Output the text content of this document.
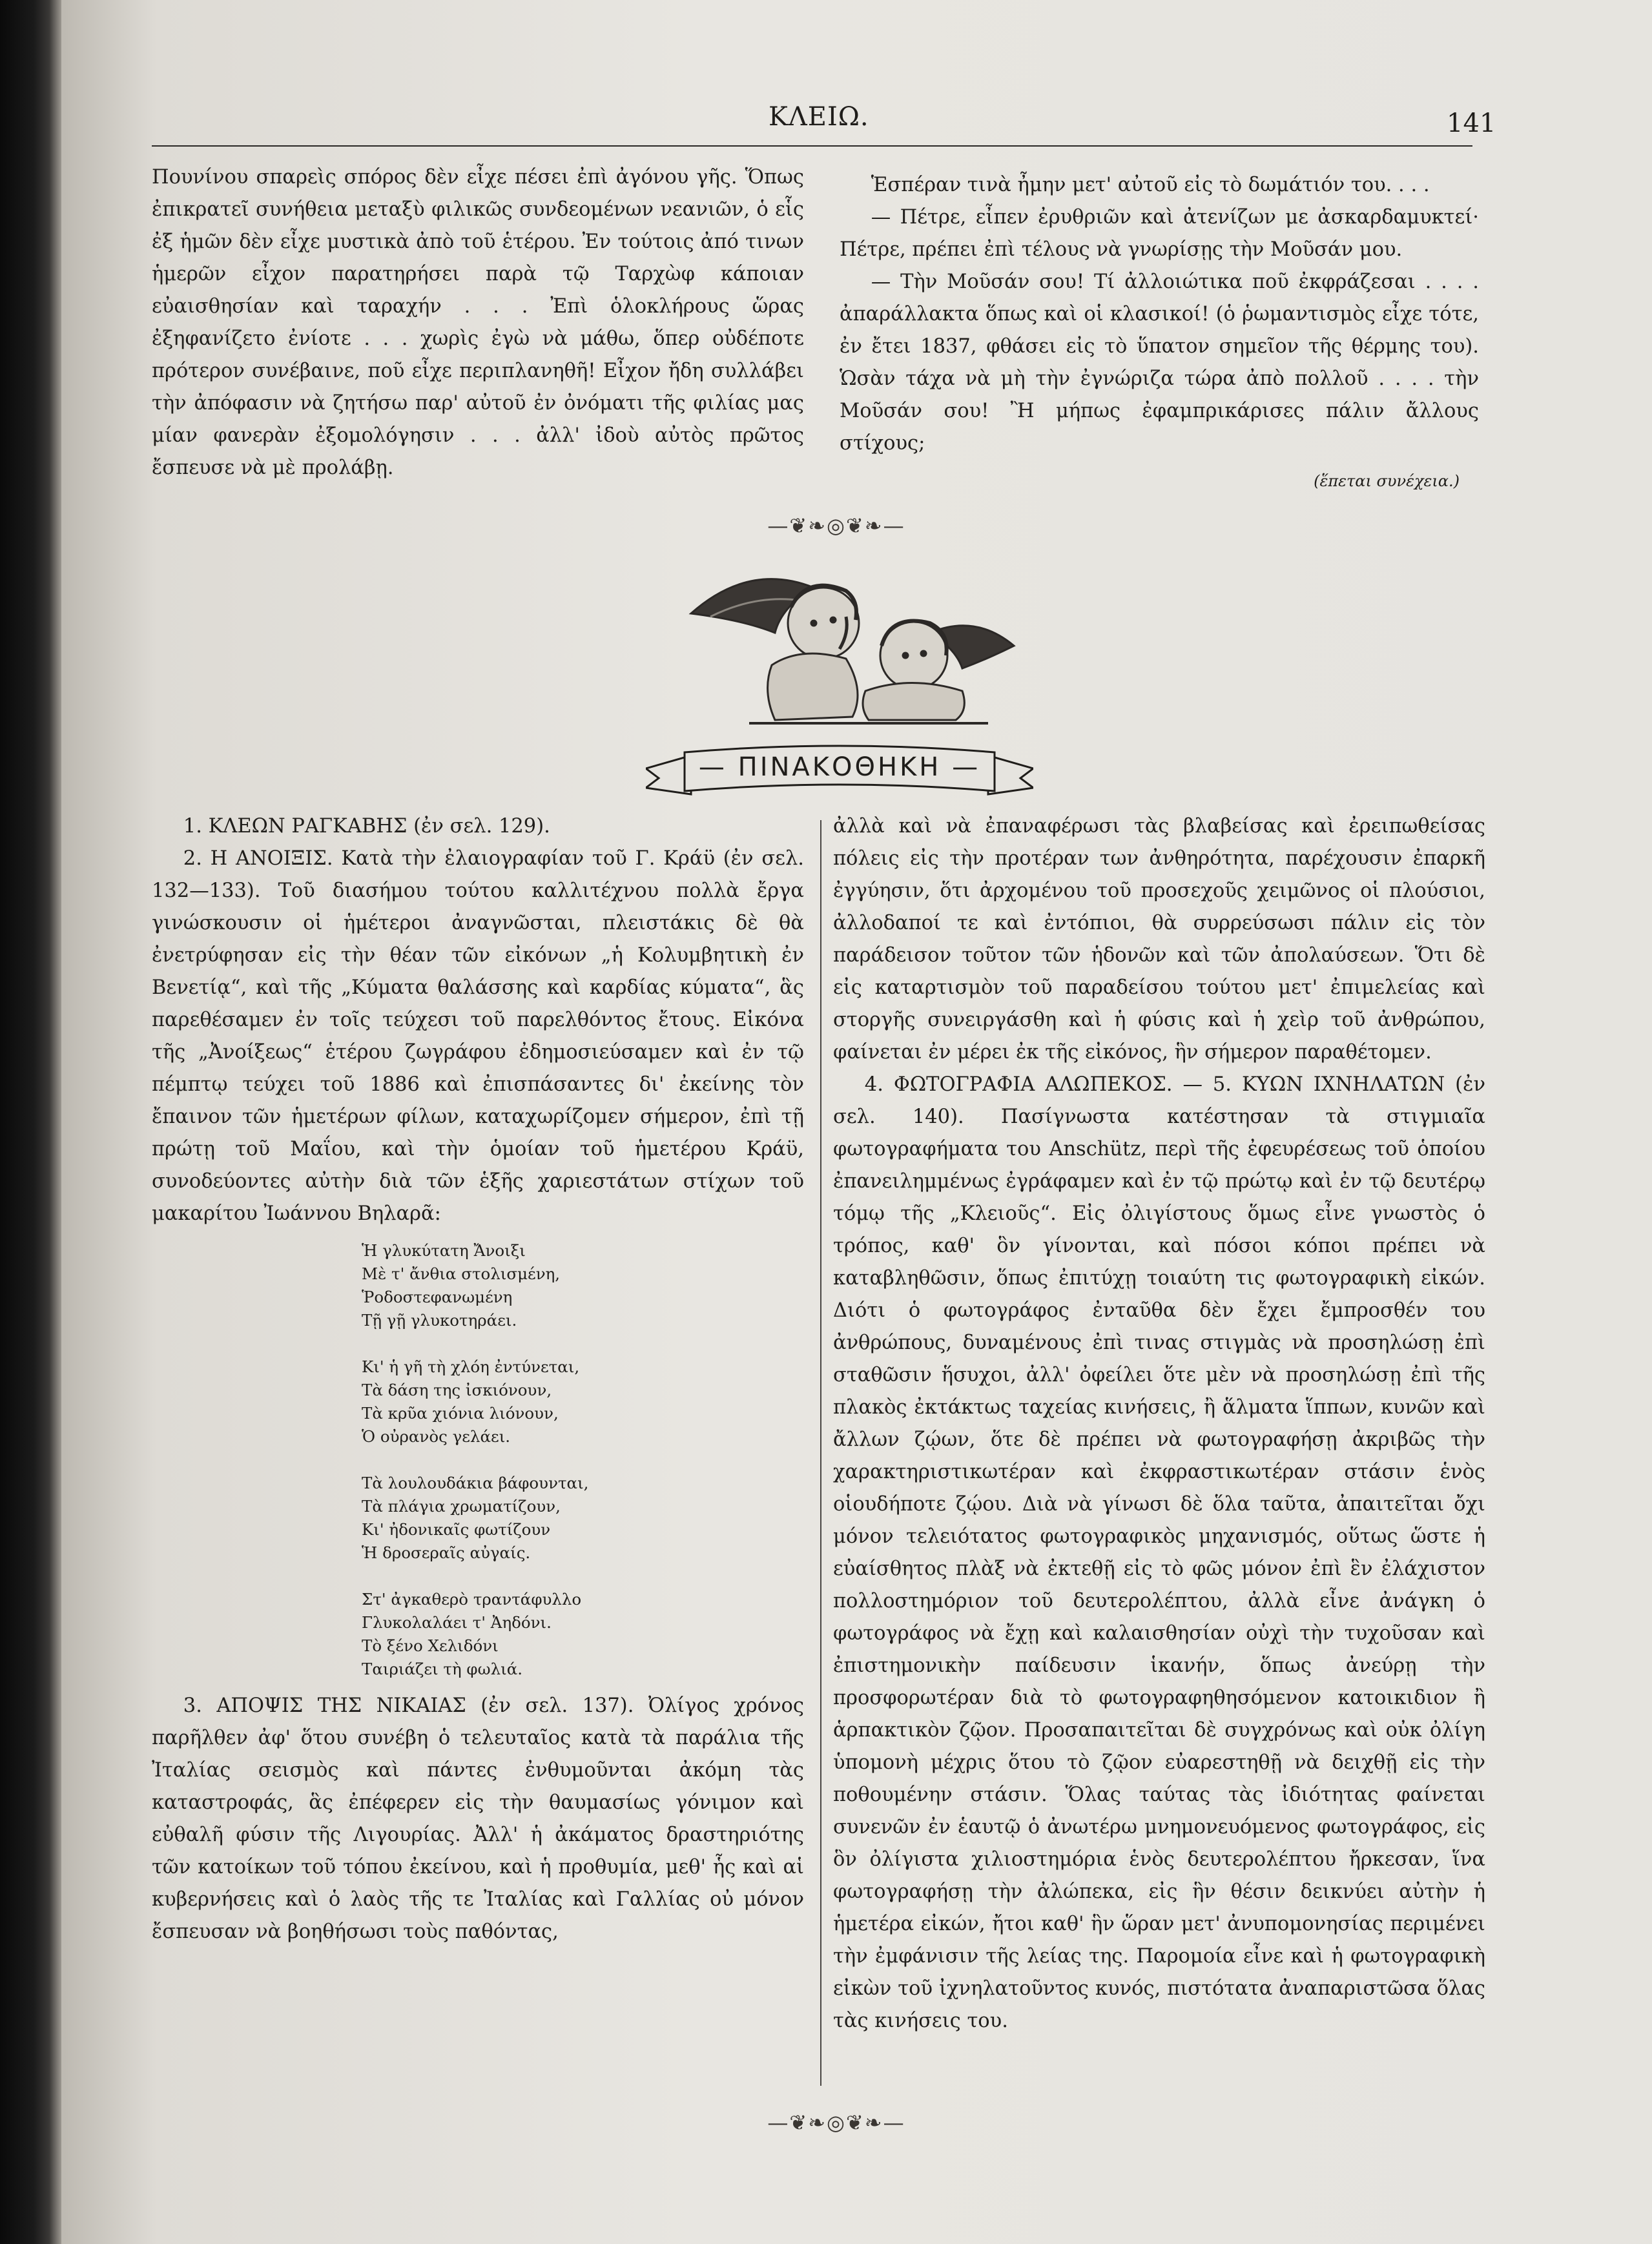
ΚΛΕΙΩ.	141

Πουνίνου σπαρεὶς σπόρος δὲν εἶχε πέσει ἐπὶ ἀγόνου γῆς. Ὅπως ἐπικρατεῖ συνήθεια μεταξὺ φιλικῶς συνδεομένων νεανιῶν, ὁ εἷς ἐξ ἡμῶν δὲν εἶχε μυστικὰ ἀπὸ τοῦ ἑτέρου. Ἐν τούτοις ἀπό τινων ἡμερῶν εἶχον παρατηρήσει παρὰ τῷ Ταρχὼφ κάποιαν εὐαισθησίαν καὶ ταραχήν . . . Ἐπὶ ὁλοκλήρους ὥρας ἐξηφανίζετο ἐνίοτε . . . χωρὶς ἐγὼ νὰ μάθω, ὅπερ οὐδέποτε πρότερον συνέβαινε, ποῦ εἶχε περιπλανηθῆ! Εἶχον ἤδη συλλάβει τὴν ἀπόφασιν νὰ ζητήσω παρ' αὐτοῦ ἐν ὀνόματι τῆς φιλίας μας μίαν φανερὰν ἐξομολόγησιν . . . ἀλλ' ἰδοὺ αὐτὸς πρῶτος ἔσπευσε νὰ μὲ προλάβῃ.

Ἑσπέραν τινὰ ἦμην μετ' αὐτοῦ εἰς τὸ δωμάτιόν του. . . .

— Πέτρε, εἶπεν ἐρυθριῶν καὶ ἀτενίζων με ἀσκαρδαμυκτεί· Πέτρε, πρέπει ἐπὶ τέλους νὰ γνωρίσῃς τὴν Μοῦσάν μου.

— Τὴν Μοῦσάν σου! Τί ἀλλοιώτικα ποῦ ἐκφράζεσαι . . . . ἀπαράλλακτα ὅπως καὶ οἱ κλασικοί! (ὁ ῥωμαντισμὸς εἶχε τότε, ἐν ἔτει 1837, φθάσει εἰς τὸ ὕπατον σημεῖον τῆς θέρμης του). Ὡσὰν τάχα νὰ μὴ τὴν ἐγνώριζα τώρα ἀπὸ πολλοῦ . . . . τὴν Μοῦσάν σου! Ἢ μήπως ἐφαμπρικάρισες πάλιν ἄλλους στίχους;

(ἕπεται συνέχεια.)
—❦❧◎❦❧—
— ΠΙΝΑΚΟΘΗΚΗ —

1. ΚΛΕΩΝ ΡΑΓΚΑΒΗΣ (ἐν σελ. 129).

2. Η ΑΝΟΙΞΙΣ. Κατὰ τὴν ἐλαιογραφίαν τοῦ Γ. Κράϋ (ἐν σελ. 132—133). Τοῦ διασήμου τούτου καλλιτέχνου πολλὰ ἔργα γινώσκουσιν οἱ ἡμέτεροι ἀναγνῶσται, πλειστάκις δὲ θὰ ἐνετρύφησαν εἰς τὴν θέαν τῶν εἰκόνων „ἡ Κολυμβητικὴ ἐν Βενετίᾳ“, καὶ τῆς „Κύματα θαλάσσης καὶ καρδίας κύματα“, ἃς παρεθέσαμεν ἐν τοῖς τεύχεσι τοῦ παρελθόντος ἔτους. Εἰκόνα τῆς „Ἀνοίξεως“ ἑτέρου ζωγράφου ἐδημοσιεύσαμεν καὶ ἐν τῷ πέμπτῳ τεύχει τοῦ 1886 καὶ ἐπισπάσαντες δι' ἐκείνης τὸν ἔπαινον τῶν ἡμετέρων φίλων, καταχωρίζομεν σήμερον, ἐπὶ τῇ πρώτῃ τοῦ Μαΐου, καὶ τὴν ὁμοίαν τοῦ ἡμετέρου Κράϋ, συνοδεύοντες αὐτὴν διὰ τῶν ἑξῆς χαριεστάτων στίχων τοῦ μακαρίτου Ἰωάννου Βηλαρᾶ:

Ἡ γλυκύτατη Ἄνοιξι
Μὲ τ' ἄνθια στολισμένη,
Ῥοδοστεφανωμένη
Τῇ γῇ γλυκοτηράει.
Κι' ἡ γῆ τὴ χλόη ἐντύνεται,
Τὰ δάση της ἰσκιόνουν,
Τὰ κρῦα χιόνια λιόνουν,
Ὁ οὐρανὸς γελάει.
Τὰ λουλουδάκια βάφουνται,
Τὰ πλάγια χρωματίζουν,
Κι' ἠδονικαῖς φωτίζουν
Ἡ δροσεραῖς αὐγαίς.
Στ' ἀγκαθερὸ τραντάφυλλο
Γλυκολαλάει τ' Ἀηδόνι.
Τὸ ξένο Χελιδόνι
Ταιριάζει τὴ φωλιά.

3. ΑΠΟΨΙΣ ΤΗΣ ΝΙΚΑΙΑΣ (ἐν σελ. 137). Ὀλίγος χρόνος παρῆλθεν ἀφ' ὅτου συνέβη ὁ τελευταῖος κατὰ τὰ παράλια τῆς Ἰταλίας σεισμὸς καὶ πάντες ἐνθυμοῦνται ἀκόμη τὰς καταστροφάς, ἃς ἐπέφερεν εἰς τὴν θαυμασίως γόνιμον καὶ εὐθαλῆ φύσιν τῆς Λιγουρίας. Ἀλλ' ἡ ἀκάματος δραστηριότης τῶν κατοίκων τοῦ τόπου ἐκείνου, καὶ ἡ προθυμία, μεθ' ἧς καὶ αἱ κυβερνήσεις καὶ ὁ λαὸς τῆς τε Ἰταλίας καὶ Γαλλίας οὐ μόνον ἔσπευσαν νὰ βοηθήσωσι τοὺς παθόντας,

ἀλλὰ καὶ νὰ ἐπαναφέρωσι τὰς βλαβείσας καὶ ἐρειπωθείσας πόλεις εἰς τὴν προτέραν των ἀνθηρότητα, παρέχουσιν ἐπαρκῆ ἐγγύησιν, ὅτι ἀρχομένου τοῦ προσεχοῦς χειμῶνος οἱ πλούσιοι, ἀλλοδαποί τε καὶ ἐντόπιοι, θὰ συρρεύσωσι πάλιν εἰς τὸν παράδεισον τοῦτον τῶν ἡδονῶν καὶ τῶν ἀπολαύσεων. Ὅτι δὲ εἰς καταρτισμὸν τοῦ παραδείσου τούτου μετ' ἐπιμελείας καὶ στοργῆς συνειργάσθη καὶ ἡ φύσις καὶ ἡ χεὶρ τοῦ ἀνθρώπου, φαίνεται ἐν μέρει ἐκ τῆς εἰκόνος, ἣν σήμερον παραθέτομεν.

4. ΦΩΤΟΓΡΑΦΙΑ ΑΛΩΠΕΚΟΣ. — 5. ΚΥΩΝ ΙΧΝΗΛΑΤΩΝ (ἐν σελ. 140). Πασίγνωστα κατέστησαν τὰ στιγμιαῖα φωτογραφήματα του Anschütz, περὶ τῆς ἐφευρέσεως τοῦ ὁποίου ἐπανειλημμένως ἐγράφαμεν καὶ ἐν τῷ πρώτῳ καὶ ἐν τῷ δευτέρῳ τόμῳ τῆς „Κλειοῦς“. Εἰς ὀλιγίστους ὅμως εἶνε γνωστὸς ὁ τρόπος, καθ' ὃν γίνονται, καὶ πόσοι κόποι πρέπει νὰ καταβληθῶσιν, ὅπως ἐπιτύχῃ τοιαύτη τις φωτογραφικὴ εἰκών. Διότι ὁ φωτογράφος ἐνταῦθα δὲν ἔχει ἔμπροσθέν του ἀνθρώπους, δυναμένους ἐπὶ τινας στιγμὰς νὰ προσηλώσῃ ἐπὶ σταθῶσιν ἥσυχοι, ἀλλ' ὀφείλει ὅτε μὲν νὰ προσηλώσῃ ἐπὶ τῆς πλακὸς ἐκτάκτως ταχείας κινήσεις, ἢ ἅλματα ἵππων, κυνῶν καὶ ἄλλων ζῴων, ὅτε δὲ πρέπει νὰ φωτογραφήσῃ ἀκριβῶς τὴν χαρακτηριστικωτέραν καὶ ἐκφραστικωτέραν στάσιν ἑνὸς οἱουδήποτε ζῴου. Διὰ νὰ γίνωσι δὲ ὅλα ταῦτα, ἀπαιτεῖται ὄχι μόνον τελειότατος φωτογραφικὸς μηχανισμός, οὕτως ὥστε ἡ εὐαίσθητος πλὰξ νὰ ἐκτεθῇ εἰς τὸ φῶς μόνον ἐπὶ ἓν ἐλάχιστον πολλοστημόριον τοῦ δευτερολέπτου, ἀλλὰ εἶνε ἀνάγκη ὁ φωτογράφος νὰ ἔχῃ καὶ καλαισθησίαν οὐχὶ τὴν τυχοῦσαν καὶ ἐπιστημονικὴν παίδευσιν ἱκανήν, ὅπως ἀνεύρῃ τὴν προσφορωτέραν διὰ τὸ φωτογραφηθησόμενον κατοικιδιον ἢ ἁρπακτικὸν ζῷον. Προσαπαιτεῖται δὲ συγχρόνως καὶ οὐκ ὀλίγη ὑπομονὴ μέχρις ὅτου τὸ ζῷον εὐαρεστηθῇ νὰ δειχθῇ εἰς τὴν ποθουμένην στάσιν. Ὅλας ταύτας τὰς ἰδιότητας φαίνεται συνενῶν ἐν ἑαυτῷ ὁ ἀνωτέρω μνημονευόμενος φωτογράφος, εἰς ὃν ὀλίγιστα χιλιοστημόρια ἑνὸς δευτερολέπτου ἤρκεσαν, ἵνα φωτογραφήσῃ τὴν ἀλώπεκα, εἰς ἣν θέσιν δεικνύει αὐτὴν ἡ ἡμετέρα εἰκών, ἤτοι καθ' ἣν ὥραν μετ' ἀνυπομονησίας περιμένει τὴν ἐμφάνισιν τῆς λείας της. Παρομοία εἶνε καὶ ἡ φωτογραφικὴ εἰκὼν τοῦ ἰχνηλατοῦντος κυνός, πιστότατα ἀναπαριστῶσα ὅλας τὰς κινήσεις του.

—❦❧◎❦❧—
